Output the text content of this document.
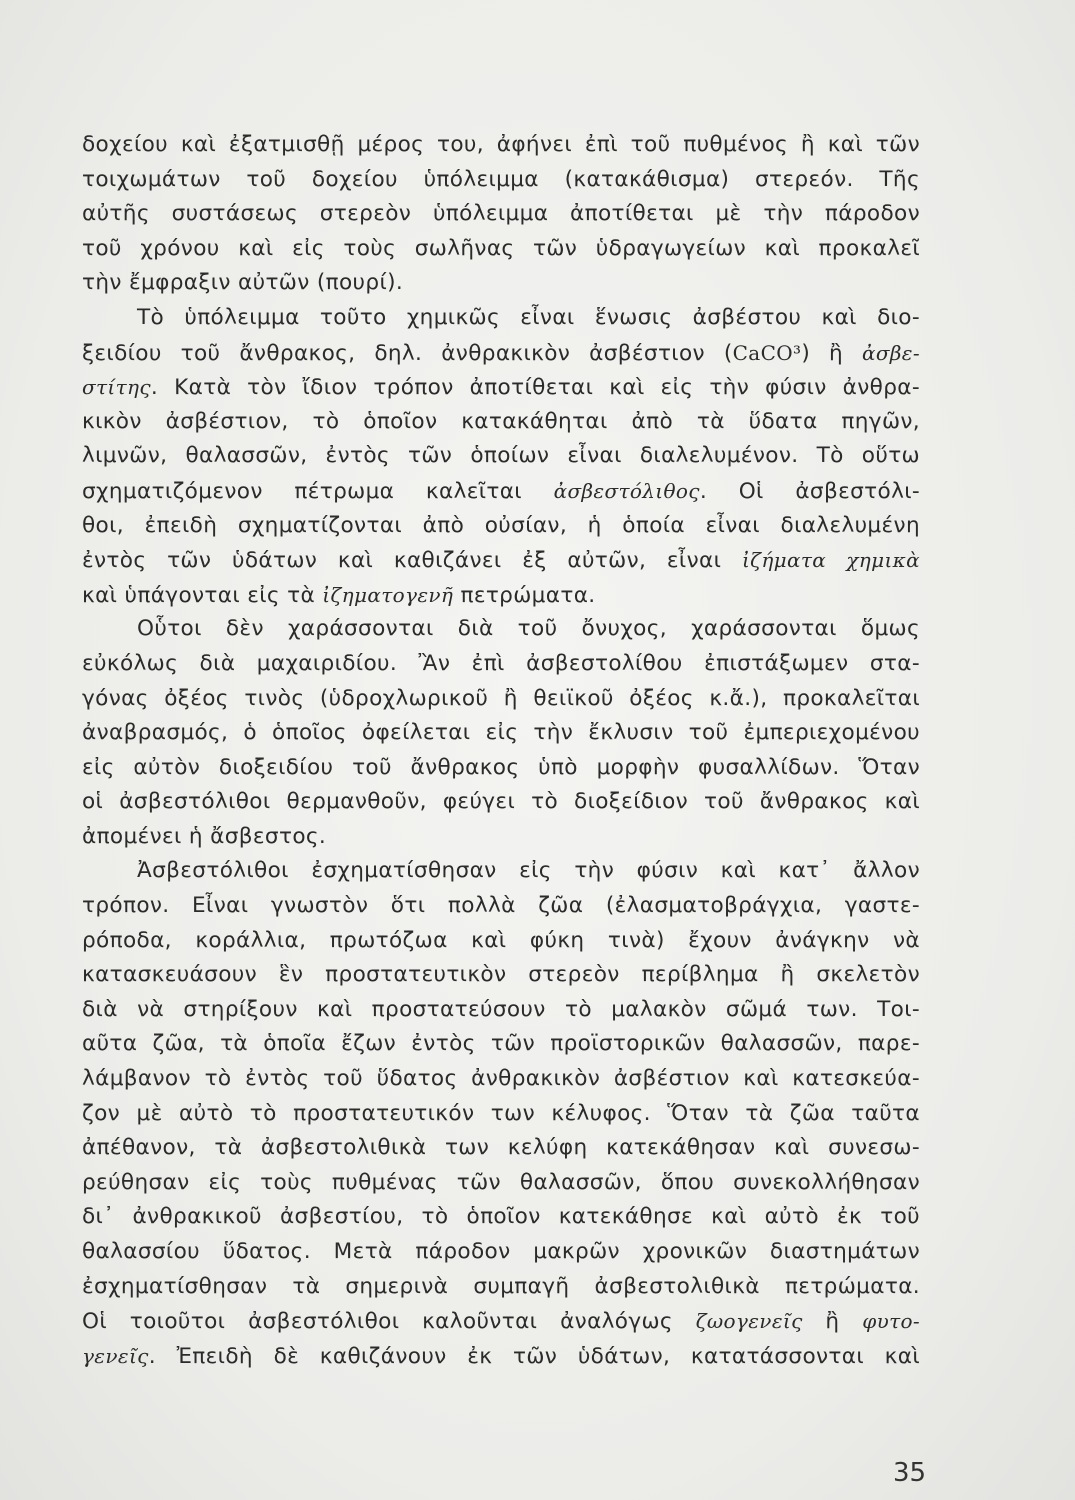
δοχείου καὶ ἐξατμισθῇ μέρος του, ἀφήνει ἐπὶ τοῦ πυθμένος ἢ καὶ τῶν
τοιχωμάτων τοῦ δοχείου ὑπόλειμμα (κατακάθισμα) στερεόν. Τῆς
αὐτῆς συστάσεως στερεὸν ὑπόλειμμα ἀποτίθεται μὲ τὴν πάροδον
τοῦ χρόνου καὶ εἰς τοὺς σωλῆνας τῶν ὑδραγωγείων καὶ προκαλεῖ
τὴν ἔμφραξιν αὐτῶν (πουρί).
Τὸ ὑπόλειμμα τοῦτο χημικῶς εἶναι ἕνωσις ἀσβέστου καὶ διο-
ξειδίου τοῦ ἄνθρακος, δηλ. ἀνθρακικὸν ἀσβέστιον (CaCO³) ἢ ἀσβε-
στίτης. Κατὰ τὸν ἴδιον τρόπον ἀποτίθεται καὶ εἰς τὴν φύσιν ἀνθρα-
κικὸν ἀσβέστιον, τὸ ὁποῖον κατακάθηται ἀπὸ τὰ ὕδατα πηγῶν,
λιμνῶν, θαλασσῶν, ἐντὸς τῶν ὁποίων εἶναι διαλελυμένον. Τὸ οὕτω
σχηματιζόμενον πέτρωμα καλεῖται ἀσβεστόλιθος. Οἱ ἀσβεστόλι-
θοι, ἐπειδὴ σχηματίζονται ἀπὸ οὐσίαν, ἡ ὁποία εἶναι διαλελυμένη
ἐντὸς τῶν ὑδάτων καὶ καθιζάνει ἐξ αὐτῶν, εἶναι ἰζήματα χημικὰ
καὶ ὑπάγονται εἰς τὰ ἰζηματογενῆ πετρώματα.
Οὗτοι δὲν χαράσσονται διὰ τοῦ ὄνυχος, χαράσσονται ὅμως
εὐκόλως διὰ μαχαιριδίου. Ἂν ἐπὶ ἀσβεστολίθου ἐπιστάξωμεν στα-
γόνας ὀξέος τινὸς (ὑδροχλωρικοῦ ἢ θειϊκοῦ ὀξέος κ.ἄ.), προκαλεῖται
ἀναβρασμός, ὁ ὁποῖος ὀφείλεται εἰς τὴν ἔκλυσιν τοῦ ἐμπεριεχομένου
εἰς αὐτὸν διοξειδίου τοῦ ἄνθρακος ὑπὸ μορφὴν φυσαλλίδων. Ὅταν
οἱ ἀσβεστόλιθοι θερμανθοῦν, φεύγει τὸ διοξείδιον τοῦ ἄνθρακος καὶ
ἀπομένει ἡ ἄσβεστος.
Ἀσβεστόλιθοι ἐσχηματίσθησαν εἰς τὴν φύσιν καὶ κατ᾽ ἄλλον
τρόπον. Εἶναι γνωστὸν ὅτι πολλὰ ζῶα (ἐλασματοβράγχια, γαστε-
ρόποδα, κοράλλια, πρωτόζωα καὶ φύκη τινὰ) ἔχουν ἀνάγκην νὰ
κατασκευάσουν ἓν προστατευτικὸν στερεὸν περίβλημα ἢ σκελετὸν
διὰ νὰ στηρίξουν καὶ προστατεύσουν τὸ μαλακὸν σῶμά των. Τοι-
αῦτα ζῶα, τὰ ὁποῖα ἔζων ἐντὸς τῶν προϊστορικῶν θαλασσῶν, παρε-
λάμβανον τὸ ἐντὸς τοῦ ὕδατος ἀνθρακικὸν ἀσβέστιον καὶ κατεσκεύα-
ζον μὲ αὐτὸ τὸ προστατευτικόν των κέλυφος. Ὅταν τὰ ζῶα ταῦτα
ἀπέθανον, τὰ ἀσβεστολιθικὰ των κελύφη κατεκάθησαν καὶ συνεσω-
ρεύθησαν εἰς τοὺς πυθμένας τῶν θαλασσῶν, ὅπου συνεκολλήθησαν
δι᾽ ἀνθρακικοῦ ἀσβεστίου, τὸ ὁποῖον κατεκάθησε καὶ αὐτὸ ἐκ τοῦ
θαλασσίου ὕδατος. Μετὰ πάροδον μακρῶν χρονικῶν διαστημάτων
ἐσχηματίσθησαν τὰ σημερινὰ συμπαγῆ ἀσβεστολιθικὰ πετρώματα.
Οἱ τοιοῦτοι ἀσβεστόλιθοι καλοῦνται ἀναλόγως ζωογενεῖς ἢ φυτο-
γενεῖς. Ἐπειδὴ δὲ καθιζάνουν ἐκ τῶν ὑδάτων, κατατάσσονται καὶ
35
